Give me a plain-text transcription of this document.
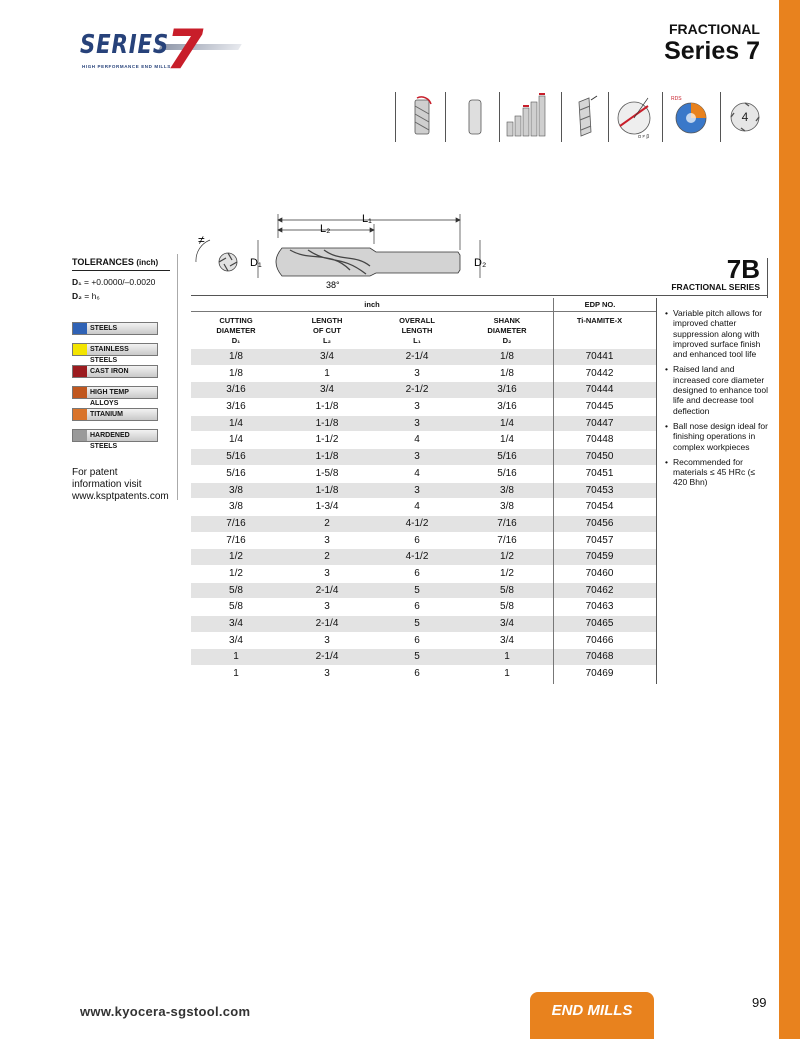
SERIES
7
HIGH PERFORMANCE END MILLS
FRACTIONAL
Series 7
α ≠ β
RDS
4
L₁
L₂
D₁	D₂
38°
≠
TOLERANCES (inch)
D₁ = +0.0000/–0.0020
D₂ = h₆
STEELS
STAINLESS STEELS
CAST IRON
HIGH TEMP ALLOYS
TITANIUM
HARDENED STEELS
For patent
information visit
www.ksptpatents.com
7B
FRACTIONAL SERIES
inch	EDP NO.
CUTTING
DIAMETER
D₁
LENGTH
OF CUT
L₂
OVERALL
LENGTH
L₁
SHANK
DIAMETER
D₂
Ti-NAMITE-X
1/8	3/4	2-1/4	1/8	70441
1/8	1	3	1/8	70442
3/16	3/4	2-1/2	3/16	70444
3/16	1-1/8	3	3/16	70445
1/4	1-1/8	3	1/4	70447
1/4	1-1/2	4	1/4	70448
5/16	1-1/8	3	5/16	70450
5/16	1-5/8	4	5/16	70451
3/8	1-1/8	3	3/8	70453
3/8	1-3/4	4	3/8	70454
7/16	2	4-1/2	7/16	70456
7/16	3	6	7/16	70457
1/2	2	4-1/2	1/2	70459
1/2	3	6	1/2	70460
5/8	2-1/4	5	5/8	70462
5/8	3	6	5/8	70463
3/4	2-1/4	5	3/4	70465
3/4	3	6	3/4	70466
1	2-1/4	5	1	70468
1	3	6	1	70469
• Variable pitch allows for improved chatter suppression along with improved surface finish and enhanced tool life
• Raised land and increased core diameter designed to enhance tool life and decrease tool deflection
• Ball nose design ideal for finishing operations in complex workpieces
• Recommended for materials ≤ 45 HRc (≤ 420 Bhn)
www.kyocera-sgstool.com	END MILLS	99
